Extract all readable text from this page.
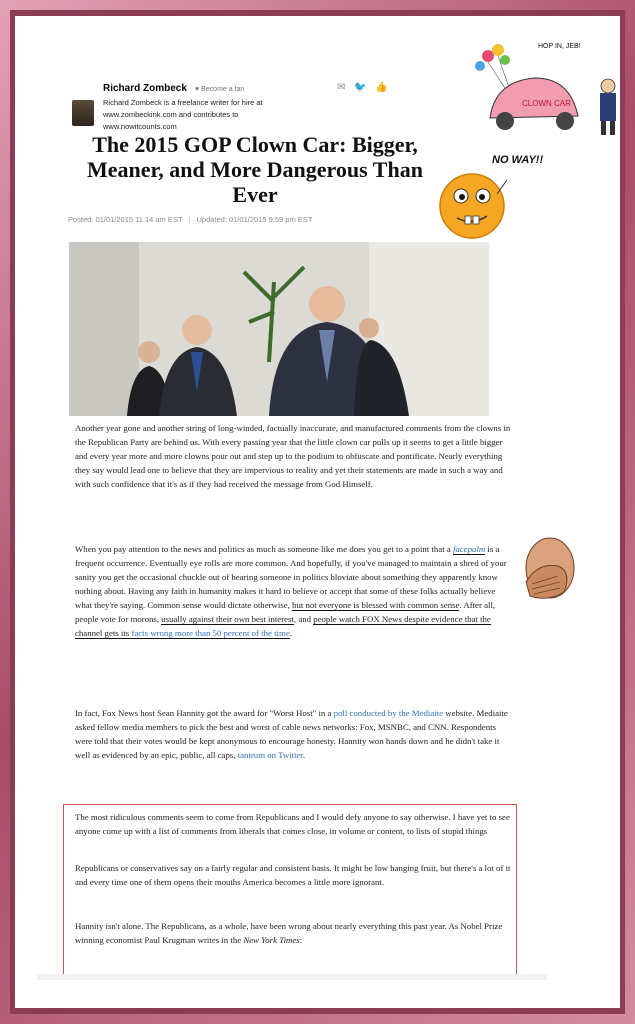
Richard Zombeck ♥ Become a fan
Richard Zombeck is a freelance writer for hire at www.zombeckink.com and contributes to www.nowitcounts.com
✉ 🐦 👍
CLOWN CAR
HOP IN, JEB!
The 2015 GOP Clown Car: Bigger, Meaner, and More Dangerous Than Ever
NO WAY!!
Posted: 01/01/2015 11:14 am EST | Updated: 01/01/2015 9:59 pm EST

Another year gone and another string of long-winded, factually inaccurate, and manufactured comments from the clowns in the Republican Party are behind us. With every passing year that the little clown car pulls up it seems to get a little bigger and every year more and more clowns pour out and step up to the podium to obfuscate and pontificate. Nearly everything they say would lead one to believe that they are impervious to reality and yet their statements are made in such a way and with such confidence that it's as if they had received the message from God Himself.

When you pay attention to the news and politics as much as someone like me does you get to a point that a facepalm is a frequent occurrence. Eventually eye rolls are more common. And hopefully, if you've managed to maintain a shred of your sanity you get the occasional chuckle out of hearing someone in politics bloviate about something they apparently know nothing about. Having any faith in humanity makes it hard to believe or accept that some of these folks actually believe what they're saying. Common sense would dictate otherwise, but not everyone is blessed with common sense. After all, people vote for morons, usually against their own best interest, and people watch FOX News despite evidence that the channel gets its facts wrong more than 50 percent of the time.

In fact, Fox News host Sean Hannity got the award for "Worst Host" in a poll conducted by the Mediaite website. Mediaite asked fellow media members to pick the best and worst of cable news networks: Fox, MSNBC, and CNN. Respondents were told that their votes would be kept anonymous to encourage honesty. Hannity won hands down and he didn't take it well as evidenced by an epic, public, all caps, tantrum on Twitter.

The most ridiculous comments seem to come from Republicans and I would defy anyone to say otherwise. I have yet to see anyone come up with a list of comments from liberals that comes close, in volume or content, to lists of stupid things

Republicans or conservatives say on a fairly regular and consistent basis. It might be low hanging fruit, but there's a lot of it and every time one of them opens their mouths America becomes a little more ignorant.

Hannity isn't alone. The Republicans, as a whole, have been wrong about nearly everything this past year. As Nobel Prize winning economist Paul Krugman writes in the New York Times:
